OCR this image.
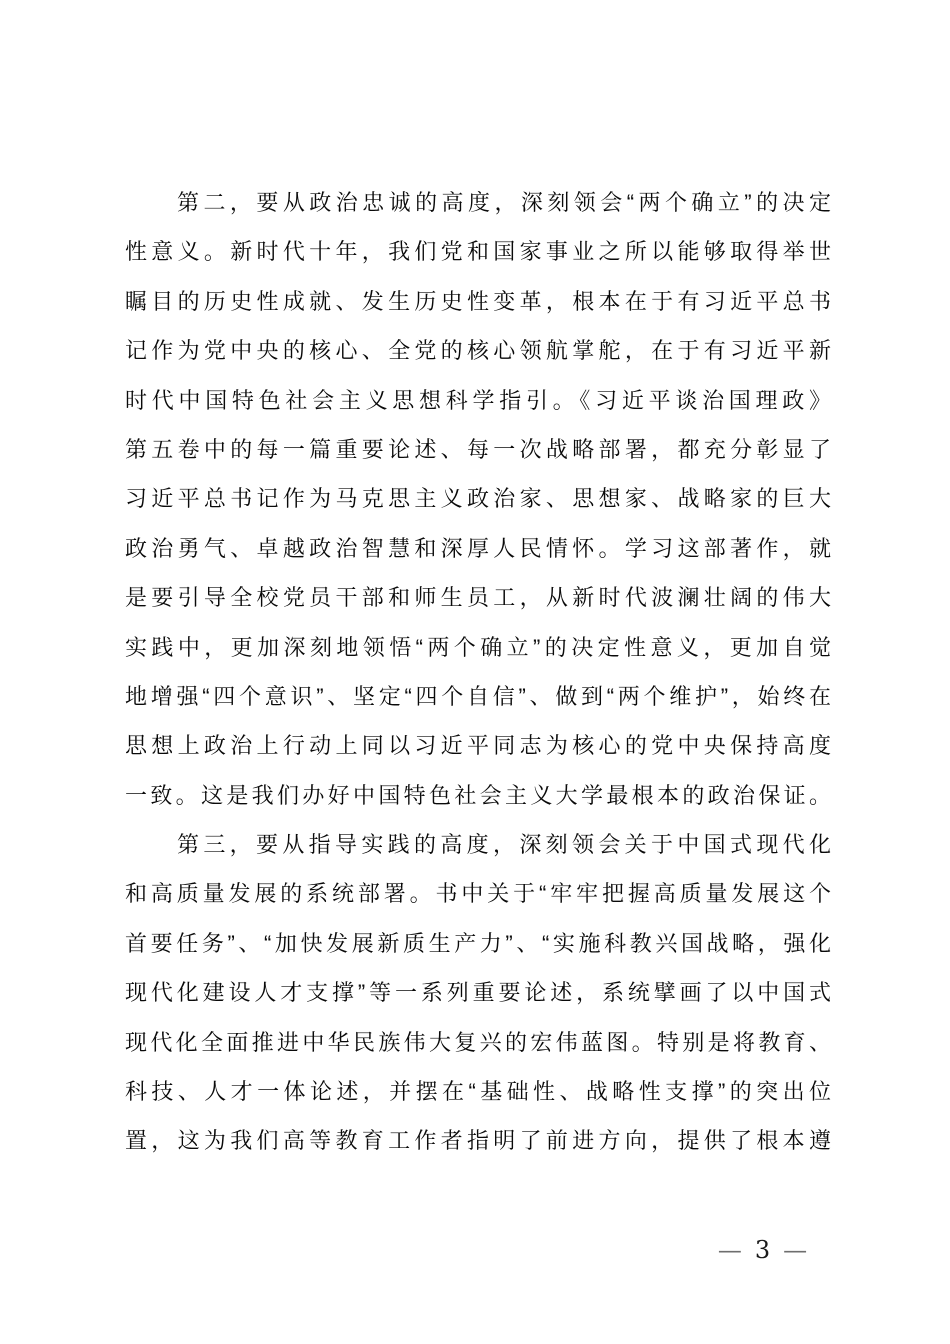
第二，要从政治忠诚的高度，深刻领会“两个确立”的决定
性意义。新时代十年，我们党和国家事业之所以能够取得举世
瞩目的历史性成就、发生历史性变革，根本在于有习近平总书
记作为党中央的核心、全党的核心领航掌舵，在于有习近平新
时代中国特色社会主义思想科学指引。《习近平谈治国理政》
第五卷中的每一篇重要论述、每一次战略部署，都充分彰显了
习近平总书记作为马克思主义政治家、思想家、战略家的巨大
政治勇气、卓越政治智慧和深厚人民情怀。学习这部著作，就
是要引导全校党员干部和师生员工，从新时代波澜壮阔的伟大
实践中，更加深刻地领悟“两个确立”的决定性意义，更加自觉
地增强“四个意识”、坚定“四个自信”、做到“两个维护”，始终在
思想上政治上行动上同以习近平同志为核心的党中央保持高度
一致。这是我们办好中国特色社会主义大学最根本的政治保证。
第三，要从指导实践的高度，深刻领会关于中国式现代化
和高质量发展的系统部署。书中关于“牢牢把握高质量发展这个
首要任务”、“加快发展新质生产力”、“实施科教兴国战略，强化
现代化建设人才支撑”等一系列重要论述，系统擘画了以中国式
现代化全面推进中华民族伟大复兴的宏伟蓝图。特别是将教育、
科技、人才一体论述，并摆在“基础性、战略性支撑”的突出位
置，这为我们高等教育工作者指明了前进方向，提供了根本遵
— 3 —
